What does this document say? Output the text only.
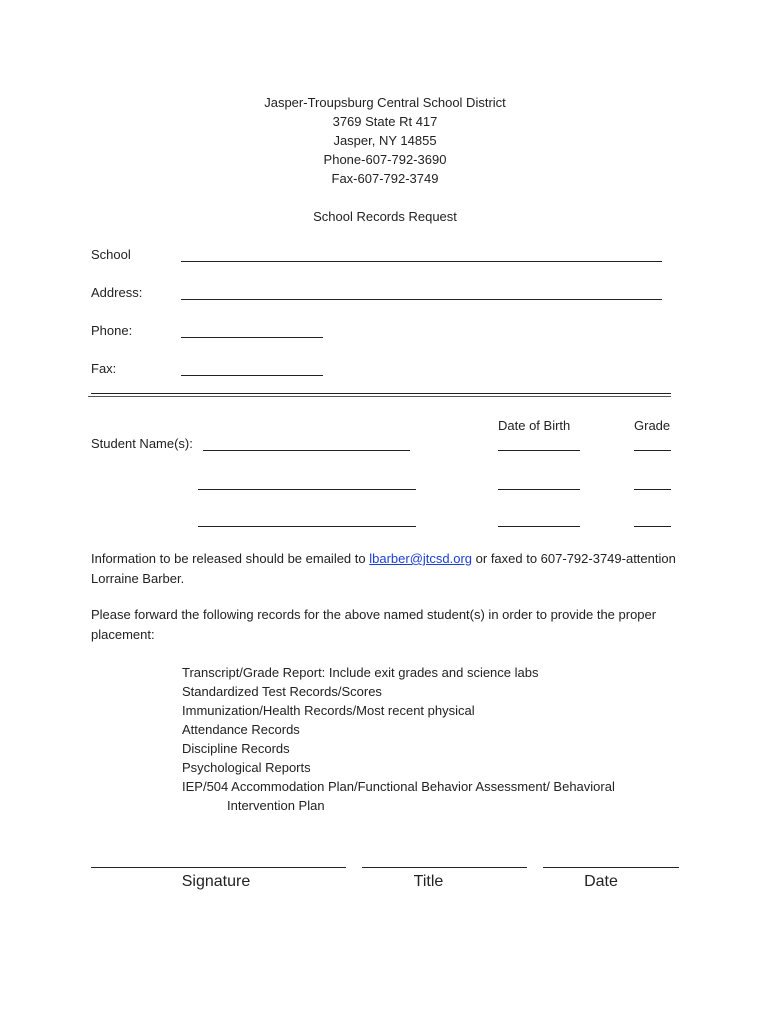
Jasper-Troupsburg Central School District
3769 State Rt 417
Jasper, NY 14855
Phone-607-792-3690
Fax-607-792-3749
School Records Request
School
Address:
Phone:
Fax:
Date of Birth	Grade
Student Name(s):
Information to be released should be emailed to lbarber@jtcsd.org or faxed to 607-792-3749-attention Lorraine Barber.
Please forward the following records for the above named student(s) in order to provide the proper placement:
Transcript/Grade Report: Include exit grades and science labs
Standardized Test Records/Scores
Immunization/Health Records/Most recent physical
Attendance Records
Discipline Records
Psychological Reports
IEP/504 Accommodation Plan/Functional Behavior Assessment/ Behavioral
Intervention Plan
Signature	Title	Date
